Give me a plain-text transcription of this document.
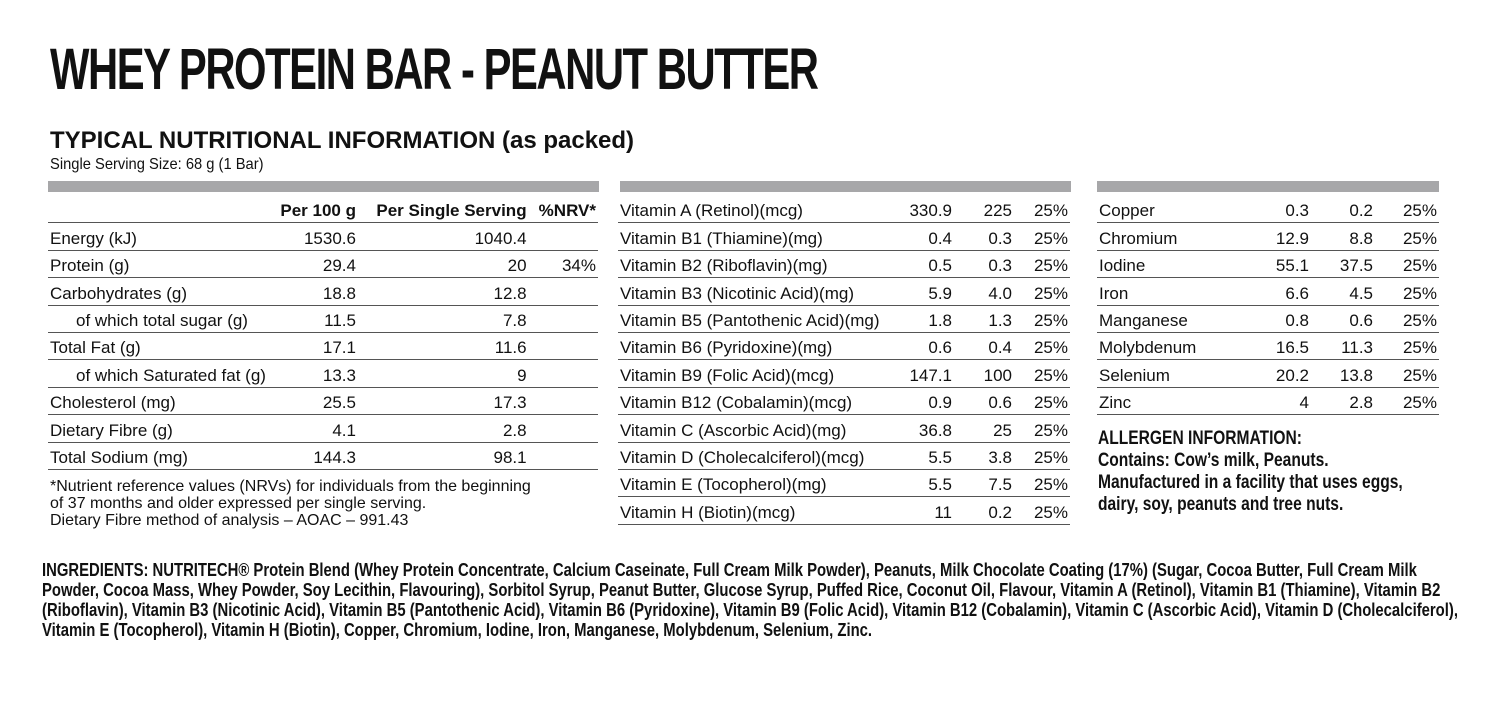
WHEY PROTEIN BAR - PEANUT BUTTER
TYPICAL NUTRITIONAL INFORMATION (as packed)
Single Serving Size: 68 g (1 Bar)
	Per 100 g	Per Single Serving	%NRV*
Energy (kJ)	1530.6	1040.4	
Protein (g)	29.4	20	34%
Carbohydrates (g)	18.8	12.8	
of which total sugar (g)	11.5	7.8	
Total Fat (g)	17.1	11.6	
of which Saturated fat (g)	13.3	9	
Cholesterol (mg)	25.5	17.3	
Dietary Fibre (g)	4.1	2.8	
Total Sodium (mg)	144.3	98.1	
Vitamin A (Retinol)(mcg)	330.9	225	25%
Vitamin B1 (Thiamine)(mg)	0.4	0.3	25%
Vitamin B2 (Riboflavin)(mg)	0.5	0.3	25%
Vitamin B3 (Nicotinic Acid)(mg)	5.9	4.0	25%
Vitamin B5 (Pantothenic Acid)(mg)	1.8	1.3	25%
Vitamin B6 (Pyridoxine)(mg)	0.6	0.4	25%
Vitamin B9 (Folic Acid)(mcg)	147.1	100	25%
Vitamin B12 (Cobalamin)(mcg)	0.9	0.6	25%
Vitamin C (Ascorbic Acid)(mg)	36.8	25	25%
Vitamin D (Cholecalciferol)(mcg)	5.5	3.8	25%
Vitamin E (Tocopherol)(mg)	5.5	7.5	25%
Vitamin H (Biotin)(mcg)	11	0.2	25%
Copper	0.3	0.2	25%
Chromium	12.9	8.8	25%
Iodine	55.1	37.5	25%
Iron	6.6	4.5	25%
Manganese	0.8	0.6	25%
Molybdenum	16.5	11.3	25%
Selenium	20.2	13.8	25%
Zinc	4	2.8	25%
*Nutrient reference values (NRVs) for individuals from the beginning
of 37 months and older expressed per single serving.
Dietary Fibre method of analysis – AOAC – 991.43
ALLERGEN INFORMATION:
Contains: Cow’s milk, Peanuts.
Manufactured in a facility that uses eggs,
dairy, soy, peanuts and tree nuts.
INGREDIENTS: NUTRITECH® Protein Blend (Whey Protein Concentrate, Calcium Caseinate, Full Cream Milk Powder), Peanuts, Milk Chocolate Coating (17%) (Sugar, Cocoa Butter, Full Cream Milk Powder, Cocoa Mass, Whey Powder, Soy Lecithin, Flavouring), Sorbitol Syrup, Peanut Butter, Glucose Syrup, Puffed Rice, Coconut Oil, Flavour, Vitamin A (Retinol), Vitamin B1 (Thiamine), Vitamin B2 (Riboflavin), Vitamin B3 (Nicotinic Acid), Vitamin B5 (Pantothenic Acid), Vitamin B6 (Pyridoxine), Vitamin B9 (Folic Acid), Vitamin B12 (Cobalamin), Vitamin C (Ascorbic Acid), Vitamin D (Cholecalciferol), Vitamin E (Tocopherol), Vitamin H (Biotin), Copper, Chromium, Iodine, Iron, Manganese, Molybdenum, Selenium, Zinc.
